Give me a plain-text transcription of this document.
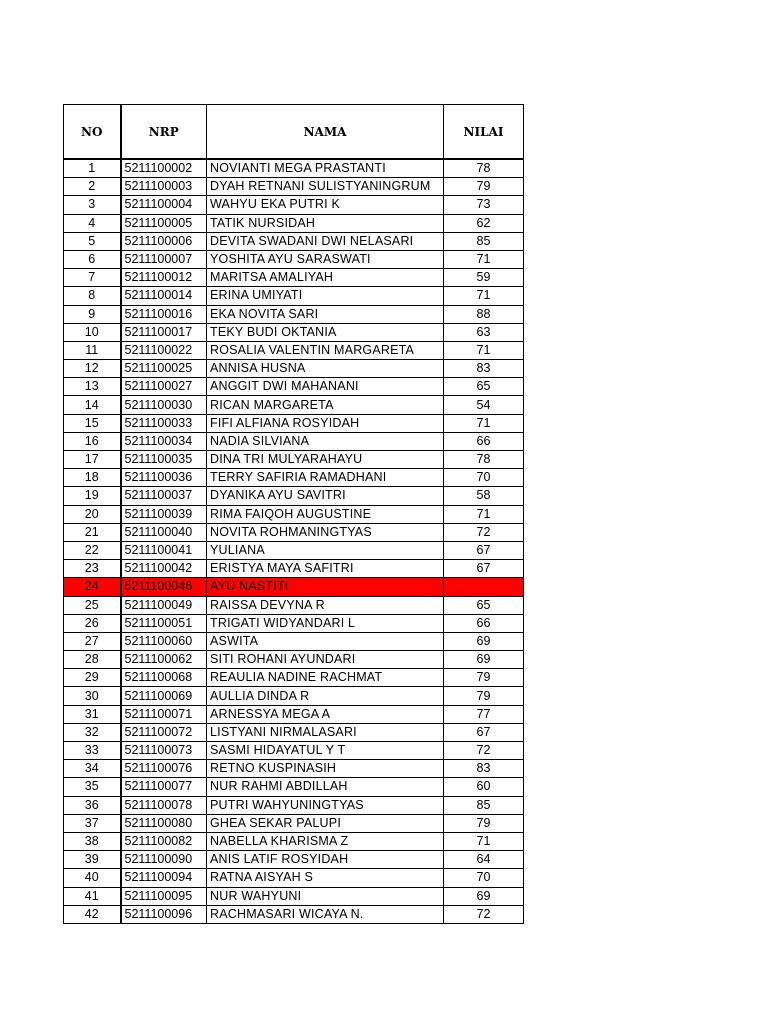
NO	NRP	NAMA	NILAI
1	5211100002	NOVIANTI MEGA PRASTANTI	78
2	5211100003	DYAH RETNANI SULISTYANINGRUM	79
3	5211100004	WAHYU EKA PUTRI K	73
4	5211100005	TATIK NURSIDAH	62
5	5211100006	DEVITA SWADANI DWI NELASARI	85
6	5211100007	YOSHITA AYU SARASWATI	71
7	5211100012	MARITSA AMALIYAH	59
8	5211100014	ERINA UMIYATI	71
9	5211100016	EKA NOVITA SARI	88
10	5211100017	TEKY BUDI OKTANIA	63
11	5211100022	ROSALIA VALENTIN MARGARETA	71
12	5211100025	ANNISA HUSNA	83
13	5211100027	ANGGIT DWI MAHANANI	65
14	5211100030	RICAN MARGARETA	54
15	5211100033	FIFI ALFIANA ROSYIDAH	71
16	5211100034	NADIA SILVIANA	66
17	5211100035	DINA TRI MULYARAHAYU	78
18	5211100036	TERRY SAFIRIA RAMADHANI	70
19	5211100037	DYANIKA AYU SAVITRI	58
20	5211100039	RIMA FAIQOH AUGUSTINE	71
21	5211100040	NOVITA ROHMANINGTYAS	72
22	5211100041	YULIANA	67
23	5211100042	ERISTYA MAYA SAFITRI	67
24	5211100046	AYU NASTITI	
25	5211100049	RAISSA DEVYNA R	65
26	5211100051	TRIGATI WIDYANDARI L	66
27	5211100060	ASWITA	69
28	5211100062	SITI ROHANI AYUNDARI	69
29	5211100068	REAULIA NADINE RACHMAT	79
30	5211100069	AULLIA DINDA R	79
31	5211100071	ARNESSYA MEGA A	77
32	5211100072	LISTYANI NIRMALASARI	67
33	5211100073	SASMI HIDAYATUL Y T	72
34	5211100076	RETNO KUSPINASIH	83
35	5211100077	NUR RAHMI ABDILLAH	60
36	5211100078	PUTRI WAHYUNINGTYAS	85
37	5211100080	GHEA SEKAR PALUPI	79
38	5211100082	NABELLA KHARISMA Z	71
39	5211100090	ANIS LATIF ROSYIDAH	64
40	5211100094	RATNA AISYAH S	70
41	5211100095	NUR WAHYUNI	69
42	5211100096	RACHMASARI WICAYA N.	72
